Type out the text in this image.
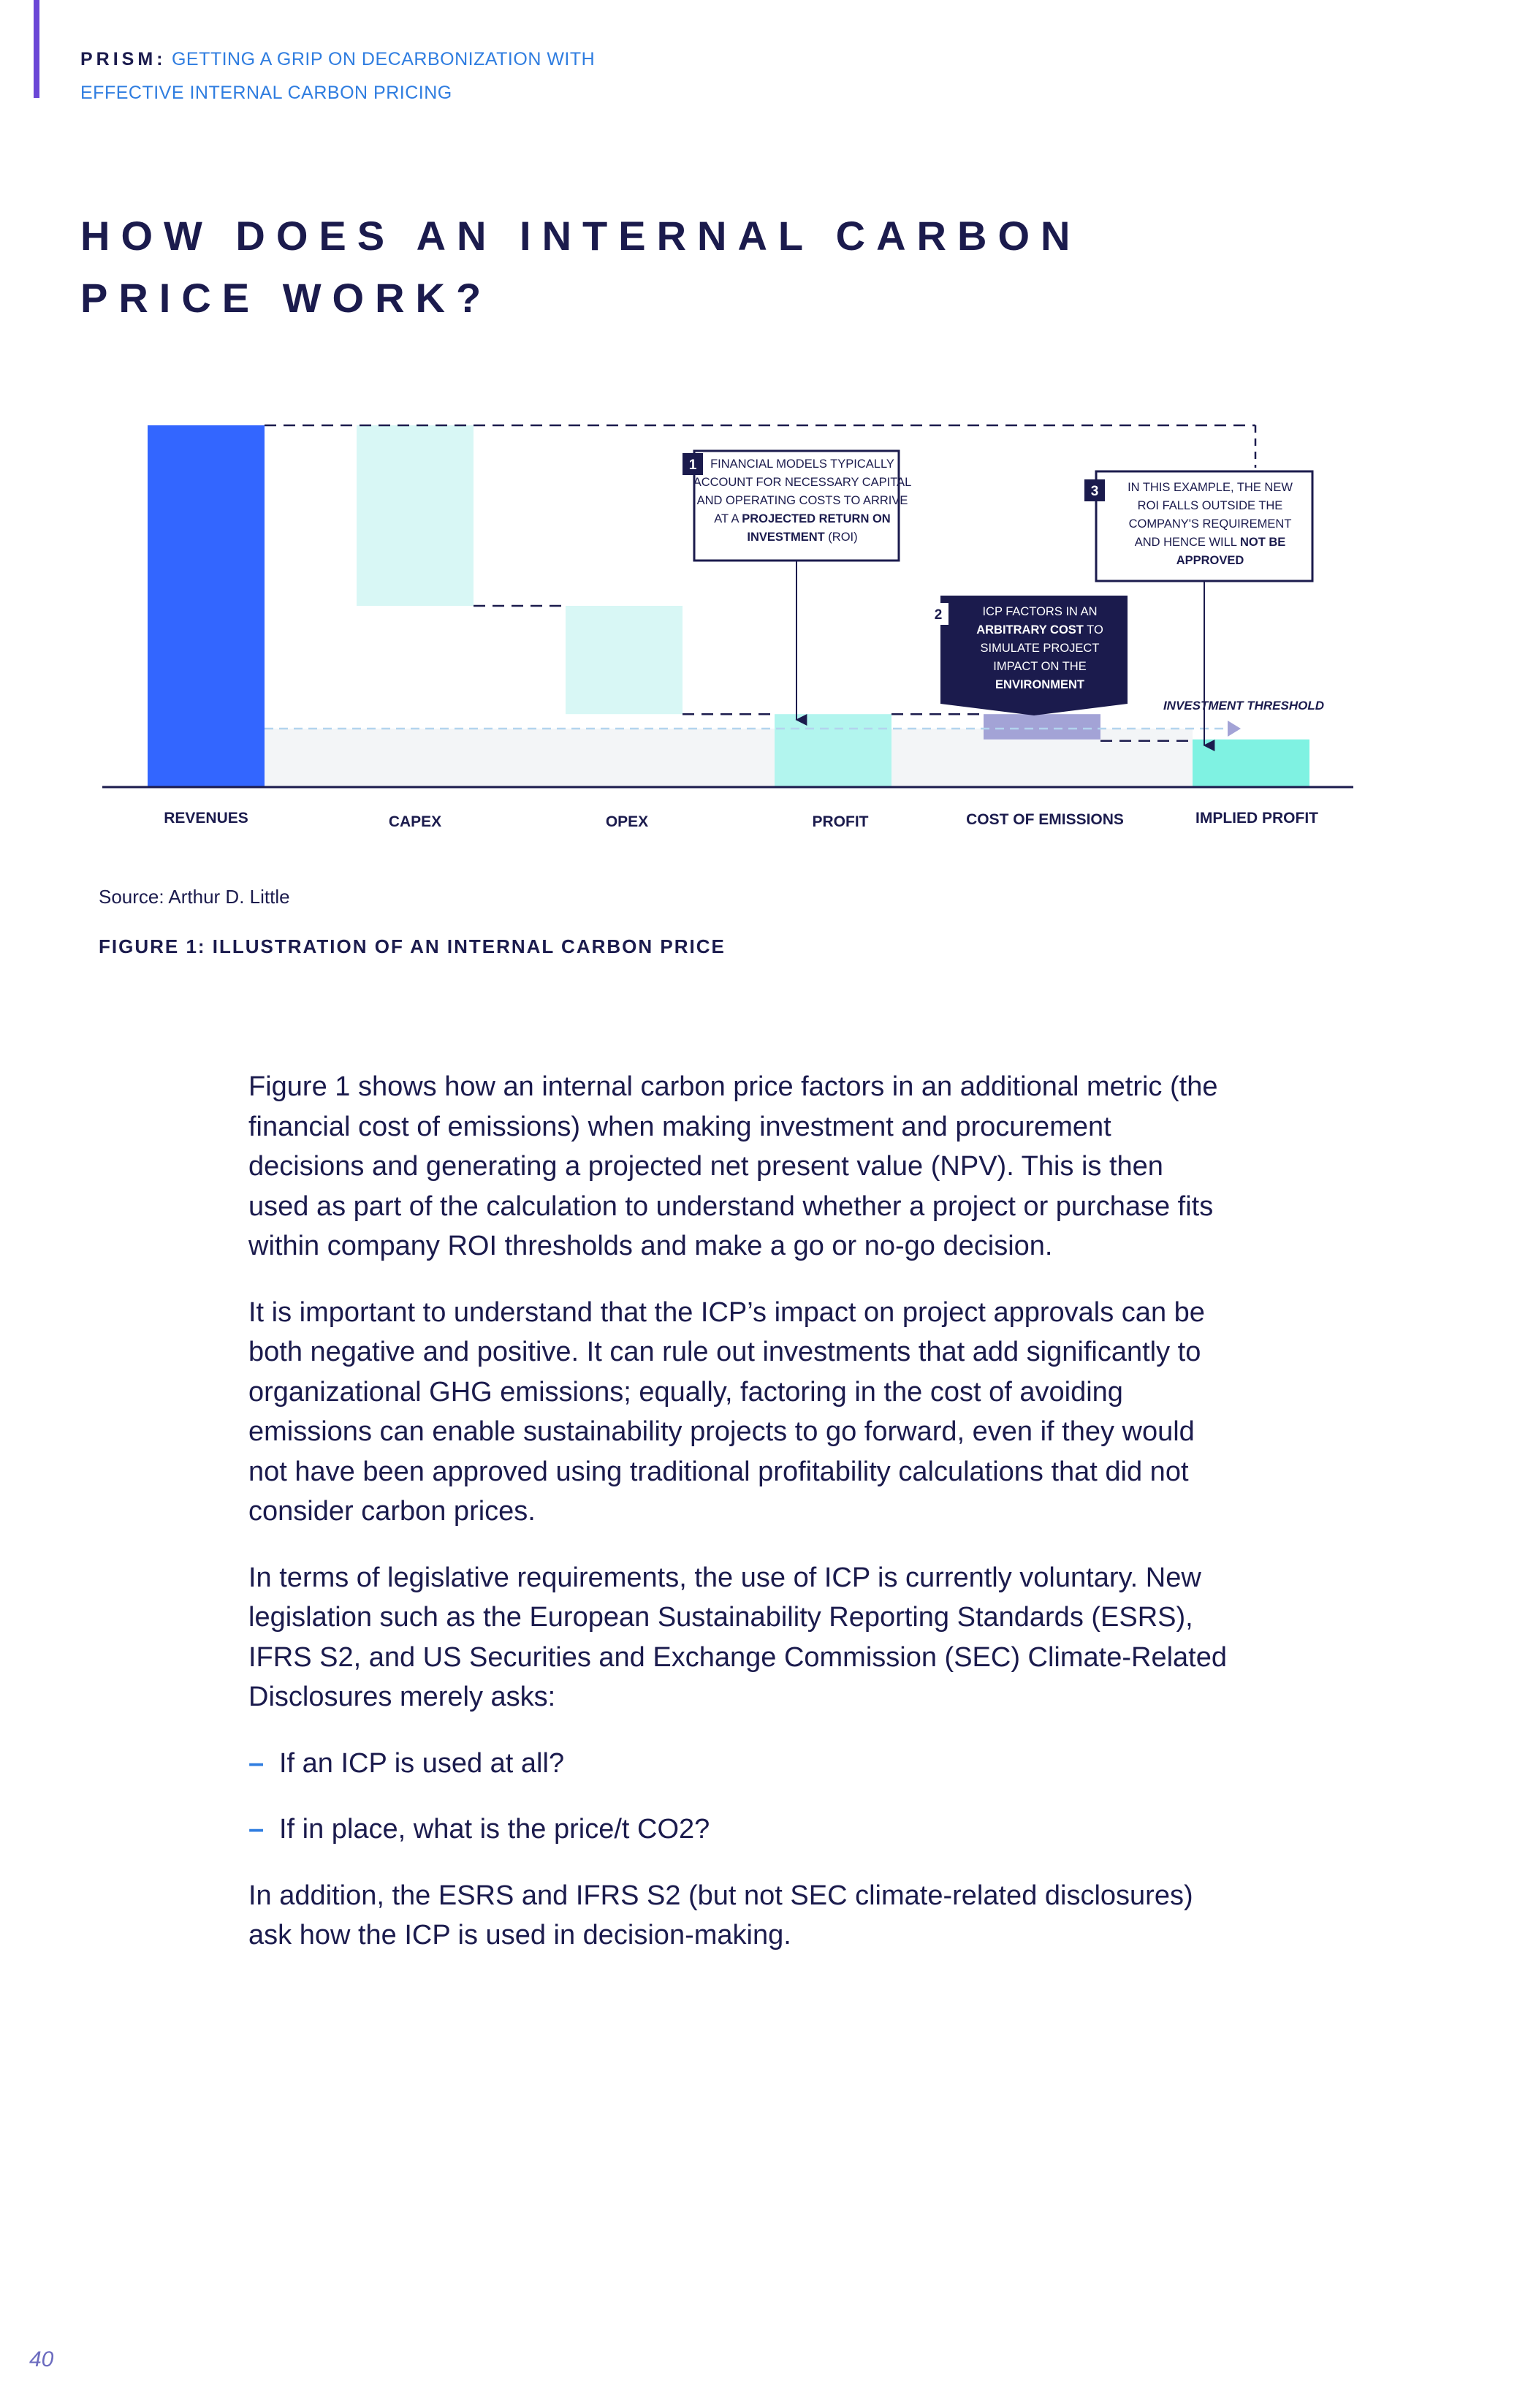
PRISM: GETTING A GRIP ON DECARBONIZATION WITH
EFFECTIVE INTERNAL CARBON PRICING
HOW DOES AN INTERNAL CARBON
PRICE WORK?
INVESTMENT THRESHOLD
REVENUES	CAPEX	OPEX	PROFIT	COST OF EMISSIONS	IMPLIED PROFIT
1 FINANCIAL MODELS TYPICALLY
ACCOUNT FOR NECESSARY CAPITAL
AND OPERATING COSTS TO ARRIVE
AT A PROJECTED RETURN ON
INVESTMENT (ROI)
2	ICP FACTORS IN AN
ARBITRARY COST TO
SIMULATE PROJECT
IMPACT ON THE
ENVIRONMENT
3 IN THIS EXAMPLE, THE NEW
ROI FALLS OUTSIDE THE
COMPANY'S REQUIREMENT
AND HENCE WILL NOT BE
APPROVED
Source: Arthur D. Little
FIGURE 1: ILLUSTRATION OF AN INTERNAL CARBON PRICE

Figure 1 shows how an internal carbon price factors in an additional metric (the financial cost of emissions) when making investment and procurement decisions and generating a projected net present value (NPV). This is then used as part of the calculation to understand whether a project or purchase fits within company ROI thresholds and make a go or no-go decision.

It is important to understand that the ICP’s impact on project approvals can be both negative and positive. It can rule out investments that add significantly to organizational GHG emissions; equally, factoring in the cost of avoiding emissions can enable sustainability projects to go forward, even if they would not have been approved using traditional profitability calculations that did not consider carbon prices.

In terms of legislative requirements, the use of ICP is currently voluntary. New legislation such as the European Sustainability Reporting Standards (ESRS), IFRS S2, and US Securities and Exchange Commission (SEC) Climate-Related Disclosures merely asks:

– If an ICP is used at all?
– If in place, what is the price/t CO2?

In addition, the ESRS and IFRS S2 (but not SEC climate-related disclosures) ask how the ICP is used in decision-making.

40
